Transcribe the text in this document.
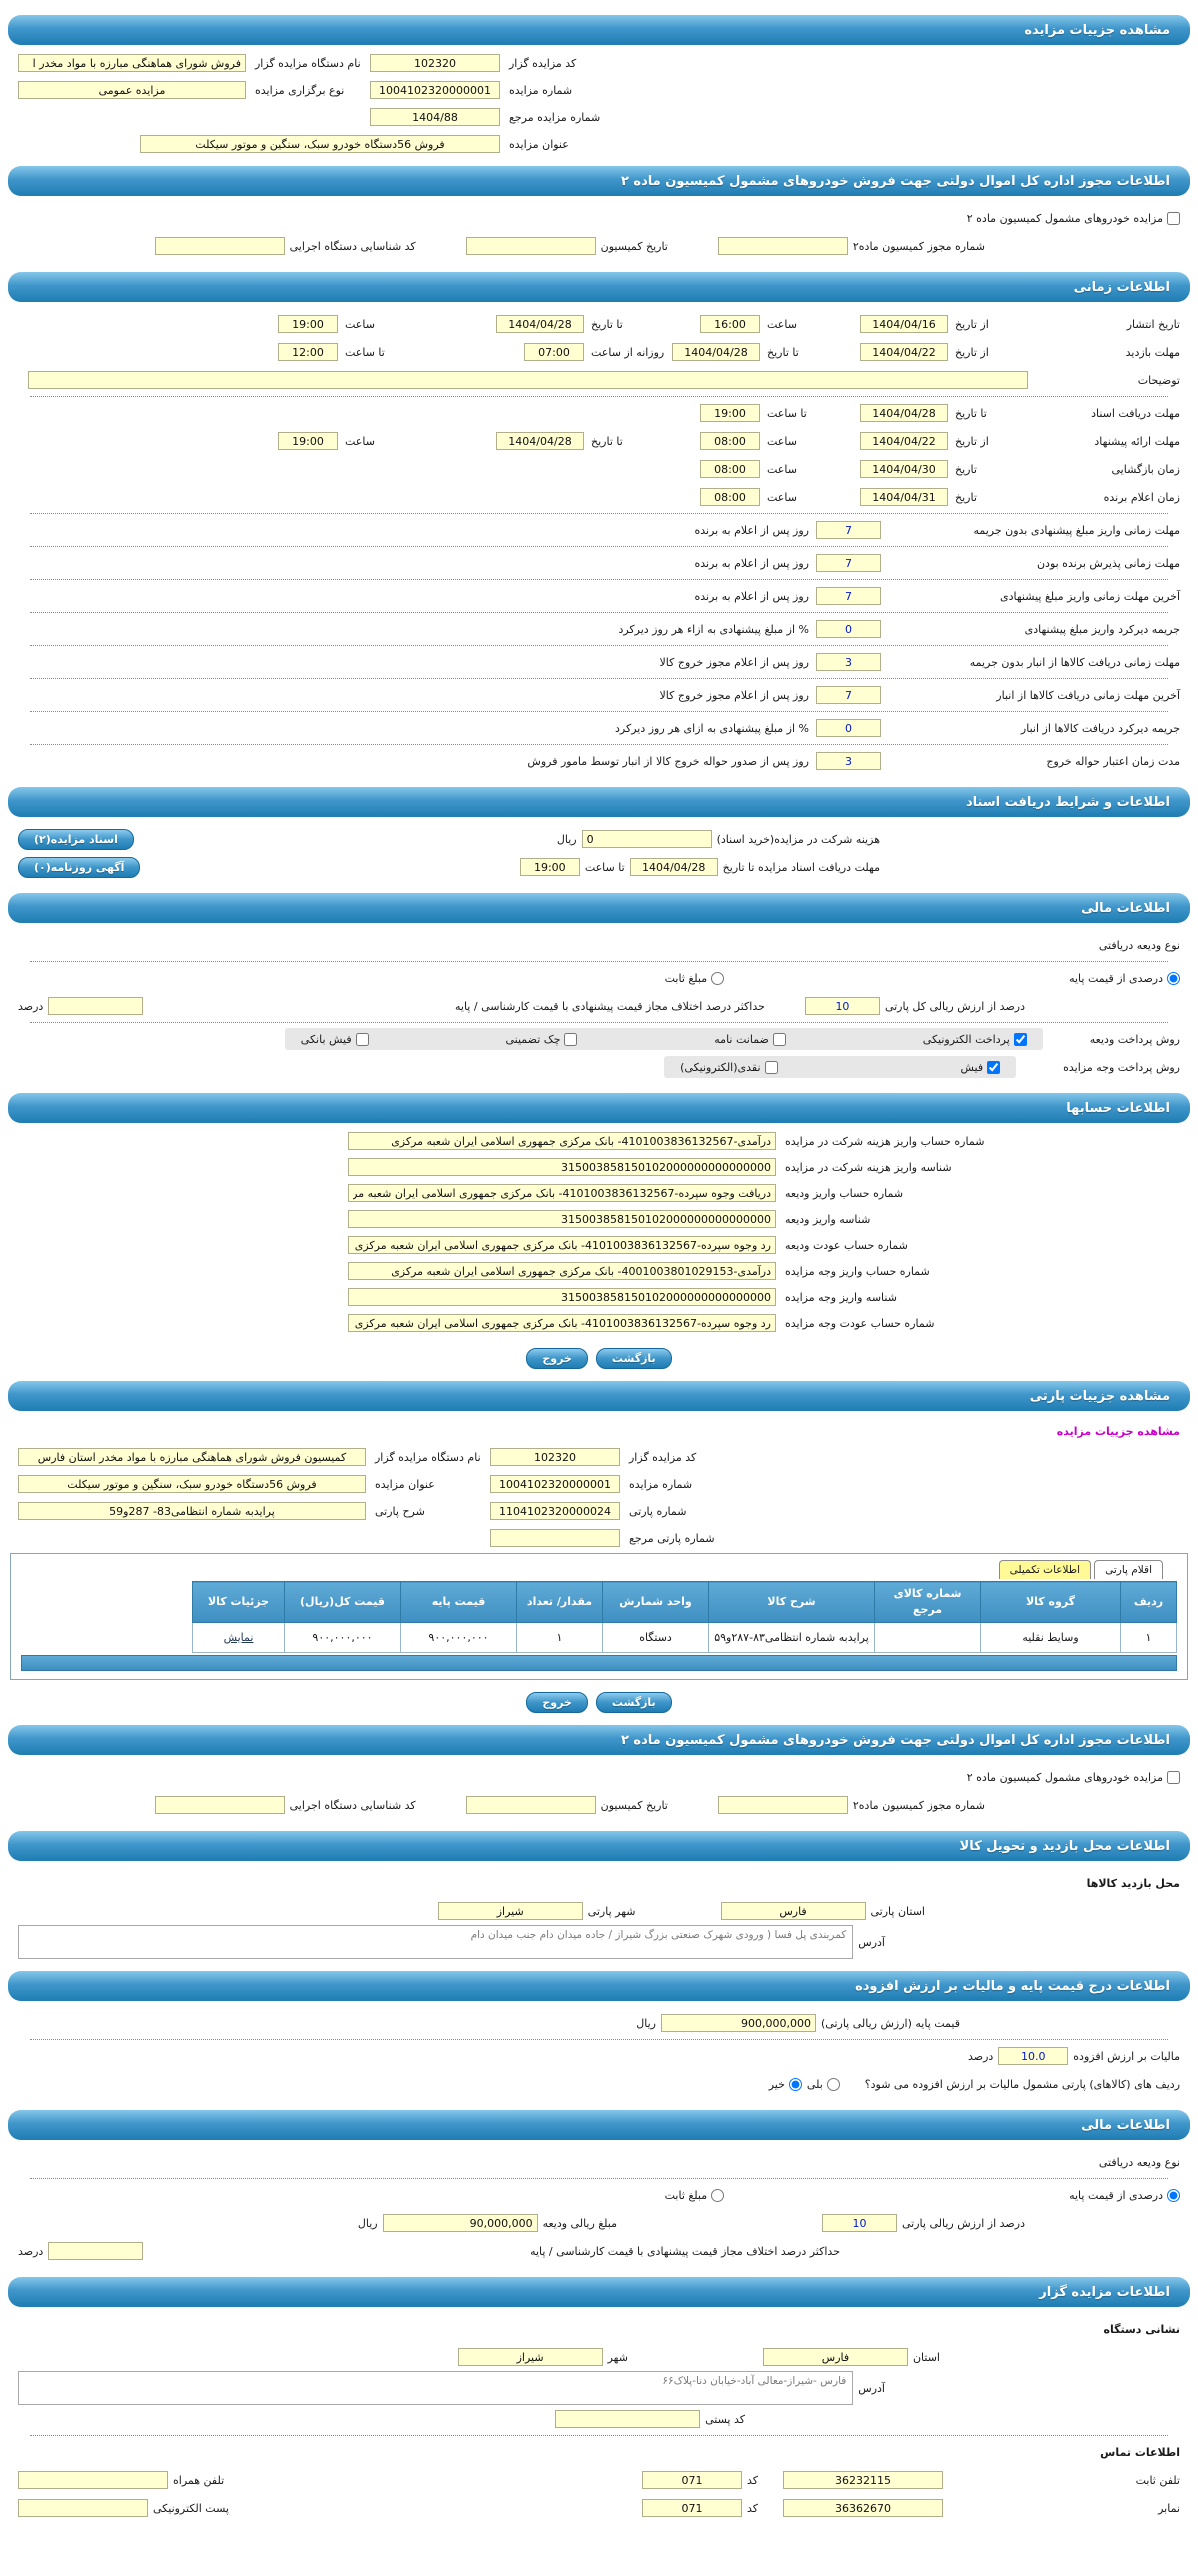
مشاهده جزییات مزایده
کد مزایده گزار
102320
نام دستگاه مزایده گزار
فروش شورای هماهنگی مبارزه با مواد مخدر ا
شماره مزایده
1004102320000001
نوع برگزاری مزایده
مزایده عمومی
شماره مزایده مرجع
1404/88
عنوان مزایده
فروش 56دستگاه خودرو سبک، سنگین و موتور سیکلت
اطلاعات مجوز اداره کل اموال دولتی جهت فروش خودروهای مشمول کمیسیون ماده ۲
مزایده خودروهای مشمول کمیسیون ماده ۲
شماره مجوز کمیسیون ماده۲
تاریخ کمیسیون
کد شناسایی دستگاه اجرایی
اطلاعات زمانی
تاریخ انتشار
از تاریخ
1404/04/16
ساعت
16:00
تا تاریخ
1404/04/28
ساعت
19:00
مهلت بازدید
از تاریخ
1404/04/22
تا تاریخ
1404/04/28
روزانه از ساعت
07:00
تا ساعت
12:00
توضیحات
مهلت دریافت اسناد
تا تاریخ
1404/04/28
تا ساعت
19:00
مهلت ارائه پیشنهاد
از تاریخ
1404/04/22
ساعت
08:00
تا تاریخ
1404/04/28
ساعت
19:00
زمان بازگشایی
تاریخ
1404/04/30
ساعت
08:00
زمان اعلام برنده
تاریخ
1404/04/31
ساعت
08:00
مهلت زمانی واریز مبلغ پیشنهادی بدون جریمه
7
روز پس از اعلام به برنده
مهلت زمانی پذیرش برنده بودن
7
روز پس از اعلام به برنده
آخرین مهلت زمانی واریز مبلغ پیشنهادی
7
روز پس از اعلام به برنده
جریمه دیرکرد واریز مبلغ پیشنهادی
0
% از مبلغ پیشنهادی به ازاء هر روز دیرکرد
مهلت زمانی دریافت کالاها از انبار بدون جریمه
3
روز پس از اعلام مجوز خروج کالا
آخرین مهلت زمانی دریافت کالاها از انبار
7
روز پس از اعلام مجوز خروج کالا
جریمه دیرکرد دریافت کالاها از انبار
0
% از مبلغ پیشنهادی به ازای هر روز دیرکرد
مدت زمان اعتبار حواله خروج
3
روز پس از صدور حواله خروج کالا از انبار توسط مامور فروش
اطلاعات و شرایط دریافت اسناد
هزینه شرکت در مزایده(خرید اسناد)
0
ریال
اسناد مزایده(۲)
مهلت دریافت اسناد مزایده تا تاریخ
1404/04/28
تا ساعت
19:00
آگهی روزنامه(۰)
اطلاعات مالی
نوع ودیعه دریافتی
درصدی از قیمت پایه
مبلغ ثابت
درصد از ارزش ریالی کل پارتی
10
حداکثر درصد اختلاف مجاز قیمت پیشنهادی با قیمت کارشناسی / پایه
درصد
روش پرداخت ودیعه
پرداخت الکترونیکی
ضمانت نامه
چک تضمینی
فیش بانکی
روش پرداخت وجه مزایده
فیش
نقدی(الکترونیکی)
اطلاعات حسابها
شماره حساب واریز هزینه شرکت در مزایده
درآمدی-4101003836132567- بانک مرکزی جمهوری اسلامی ایران شعبه مرکزی
شناسه واریز هزینه شرکت در مزایده
315003858150102000000000000000
شماره حساب واریز ودیعه
دریافت وجوه سپرده-4101003836132567- بانک مرکزی جمهوری اسلامی ایران شعبه مرکزی
شناسه واریز ودیعه
315003858150102000000000000000
شماره حساب عودت ودیعه
رد وجوه سپرده-4101003836132567- بانک مرکزی جمهوری اسلامی ایران شعبه مرکزی
شماره حساب واریز وجه مزایده
درآمدی-4001003801029153- بانک مرکزی جمهوری اسلامی ایران شعبه مرکزی
شناسه واریز وجه مزایده
315003858150102000000000000000
شماره حساب عودت وجه مزایده
رد وجوه سپرده-4101003836132567- بانک مرکزی جمهوری اسلامی ایران شعبه مرکزی
بازگشت
خروج
مشاهده جزییات پارتی
مشاهده جزییات مزایده
کد مزایده گزار
102320
نام دستگاه مزایده گزار
کمیسیون فروش شورای هماهنگی مبارزه با مواد مخدر استان فارس
شماره مزایده
1004102320000001
عنوان مزایده
فروش 56دستگاه خودرو سبک، سنگین و موتور سیکلت
شماره پارتی
1104102320000024
شرح پارتی
پرایدبه شماره انتظامی83- 287و59
شماره پارتی مرجع
اقلام پارتی
اطلاعات تکمیلی
ردیف	گروه کالا	شماره کالای مرجع	شرح کالا	واحد شمارش	مقدار/ تعداد	قیمت پایه	قیمت کل(ریال)	جزئیات کالا
۱	وسایط نقلیه		پرایدبه شماره انتظامی۸۳-۲۸۷و۵۹	دستگاه	۱	۹۰۰,۰۰۰,۰۰۰	۹۰۰,۰۰۰,۰۰۰	نمایش
بازگشت
خروج
اطلاعات مجوز اداره کل اموال دولتی جهت فروش خودروهای مشمول کمیسیون ماده ۲
مزایده خودروهای مشمول کمیسیون ماده ۲
شماره مجوز کمیسیون ماده۲
تاریخ کمیسیون
کد شناسایی دستگاه اجرایی
اطلاعات محل بازدید و تحویل کالا
محل بازدید کالاها
استان پارتی
فارس
شهر پارتی
شیراز
آدرس
کمربندی پل فسا ( ورودی شهرک صنعتی بزرگ شیراز / جاده میدان دام جنب میدان دام
اطلاعات درج قیمت پایه و مالیات بر ارزش افزوده
قیمت پایه (ارزش ریالی پارتی)
900,000,000
ریال
مالیات بر ارزش افزوده
10.0
درصد
ردیف های (کالاهای) پارتی مشمول مالیات بر ارزش افزوده می شود؟
بلی
خیر
اطلاعات مالی
نوع ودیعه دریافتی
درصدی از قیمت پایه
مبلغ ثابت
درصد از ارزش ریالی پارتی
10
مبلغ ریالی ودیعه
90,000,000
ریال
حداکثر درصد اختلاف مجاز قیمت پیشنهادی با قیمت کارشناسی / پایه
درصد
اطلاعات مزایده گزار
نشانی دستگاه
استان
فارس
شهر
شیراز
آدرس
فارس -شیراز-معالی آباد-خیابان دنا-پلاک۶۶
کد پستی
اطلاعات تماس
تلفن ثابت
36232115
کد
071
تلفن همراه
نمابر
36362670
کد
071
پست الکترونیکی
